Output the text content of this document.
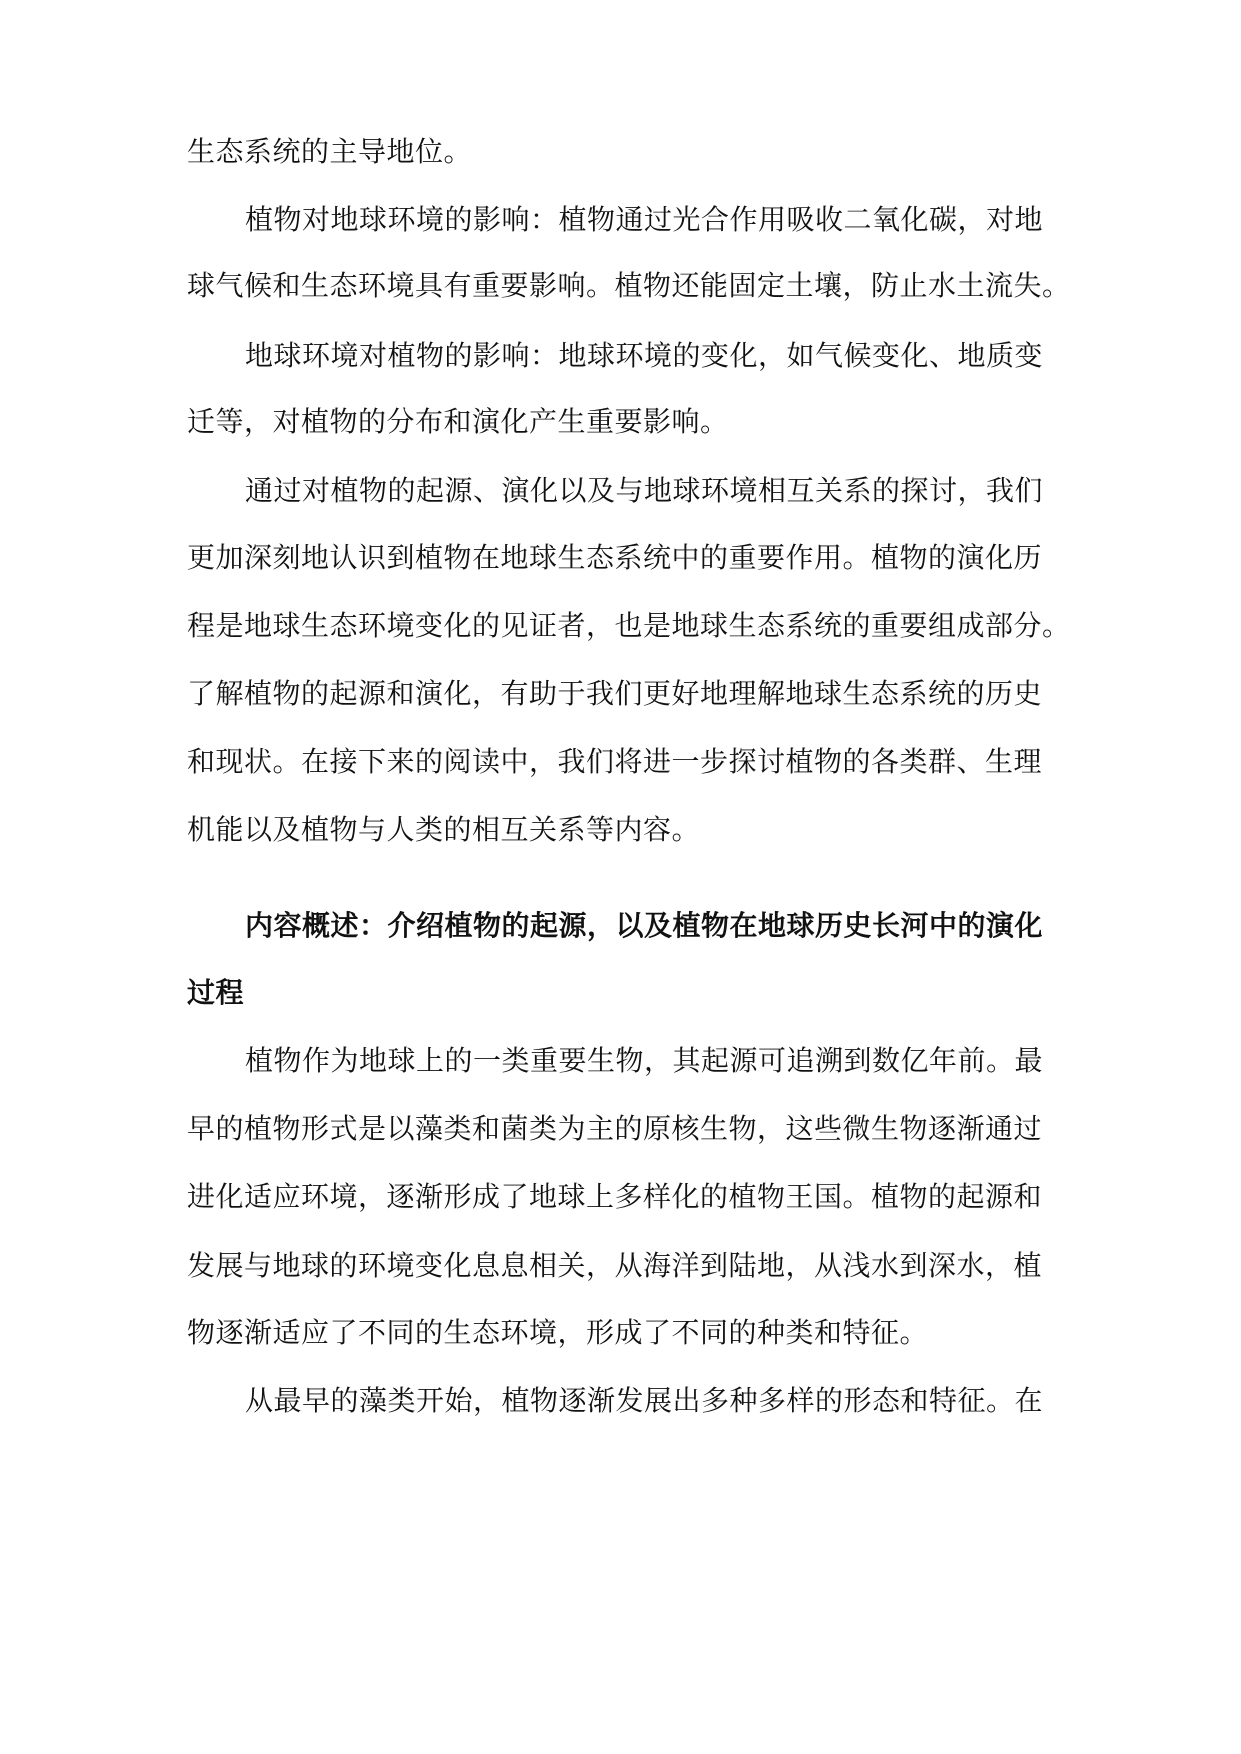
生态系统的主导地位。
植物对地球环境的影响：植物通过光合作用吸收二氧化碳，对地
球气候和生态环境具有重要影响。植物还能固定土壤，防止水土流失。
地球环境对植物的影响：地球环境的变化，如气候变化、地质变
迁等，对植物的分布和演化产生重要影响。
通过对植物的起源、演化以及与地球环境相互关系的探讨，我们
更加深刻地认识到植物在地球生态系统中的重要作用。植物的演化历
程是地球生态环境变化的见证者，也是地球生态系统的重要组成部分。
了解植物的起源和演化，有助于我们更好地理解地球生态系统的历史
和现状。在接下来的阅读中，我们将进一步探讨植物的各类群、生理
机能以及植物与人类的相互关系等内容。
内容概述：介绍植物的起源，以及植物在地球历史长河中的演化
过程
植物作为地球上的一类重要生物，其起源可追溯到数亿年前。最
早的植物形式是以藻类和菌类为主的原核生物，这些微生物逐渐通过
进化适应环境，逐渐形成了地球上多样化的植物王国。植物的起源和
发展与地球的环境变化息息相关，从海洋到陆地，从浅水到深水，植
物逐渐适应了不同的生态环境，形成了不同的种类和特征。
从最早的藻类开始，植物逐渐发展出多种多样的形态和特征。在
